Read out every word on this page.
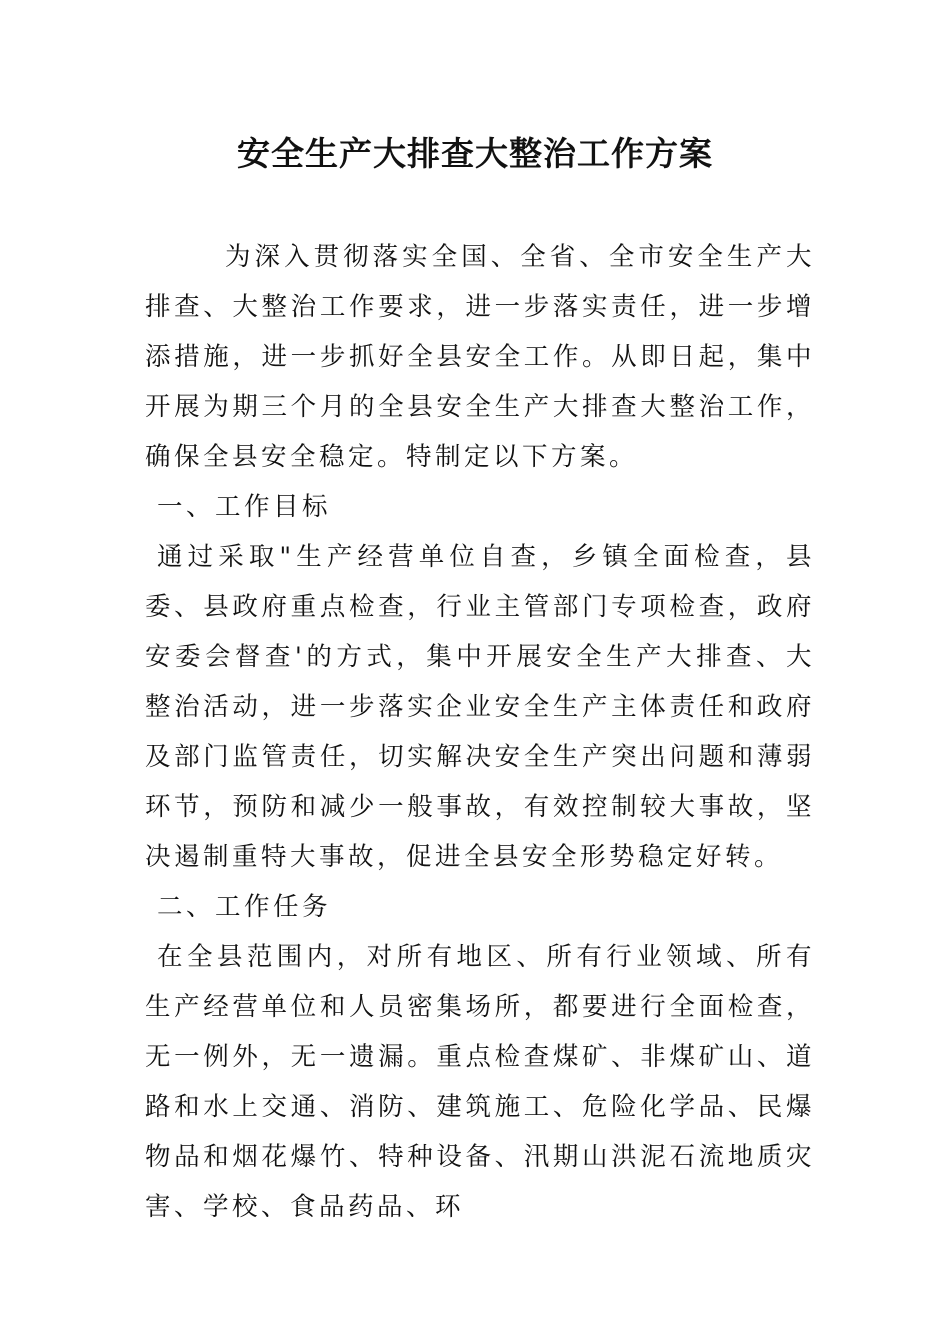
安全生产大排查大整治工作方案

为深入贯彻落实全国、全省、全市安全生产大排查、大整治工作要求，进一步落实责任，进一步增添措施，进一步抓好全县安全工作。从即日起，集中开展为期三个月的全县安全生产大排查大整治工作，确保全县安全稳定。特制定以下方案。

一、工作目标

通过采取"生产经营单位自查，乡镇全面检查，县委、县政府重点检查，行业主管部门专项检查，政府安委会督查'的方式，集中开展安全生产大排查、大整治活动，进一步落实企业安全生产主体责任和政府及部门监管责任，切实解决安全生产突出问题和薄弱环节，预防和减少一般事故，有效控制较大事故，坚决遏制重特大事故，促进全县安全形势稳定好转。

二、工作任务

在全县范围内，对所有地区、所有行业领域、所有生产经营单位和人员密集场所，都要进行全面检查，无一例外，无一遗漏。重点检查煤矿、非煤矿山、道路和水上交通、消防、建筑施工、危险化学品、民爆物品和烟花爆竹、特种设备、汛期山洪泥石流地质灾害、学校、食品药品、环
